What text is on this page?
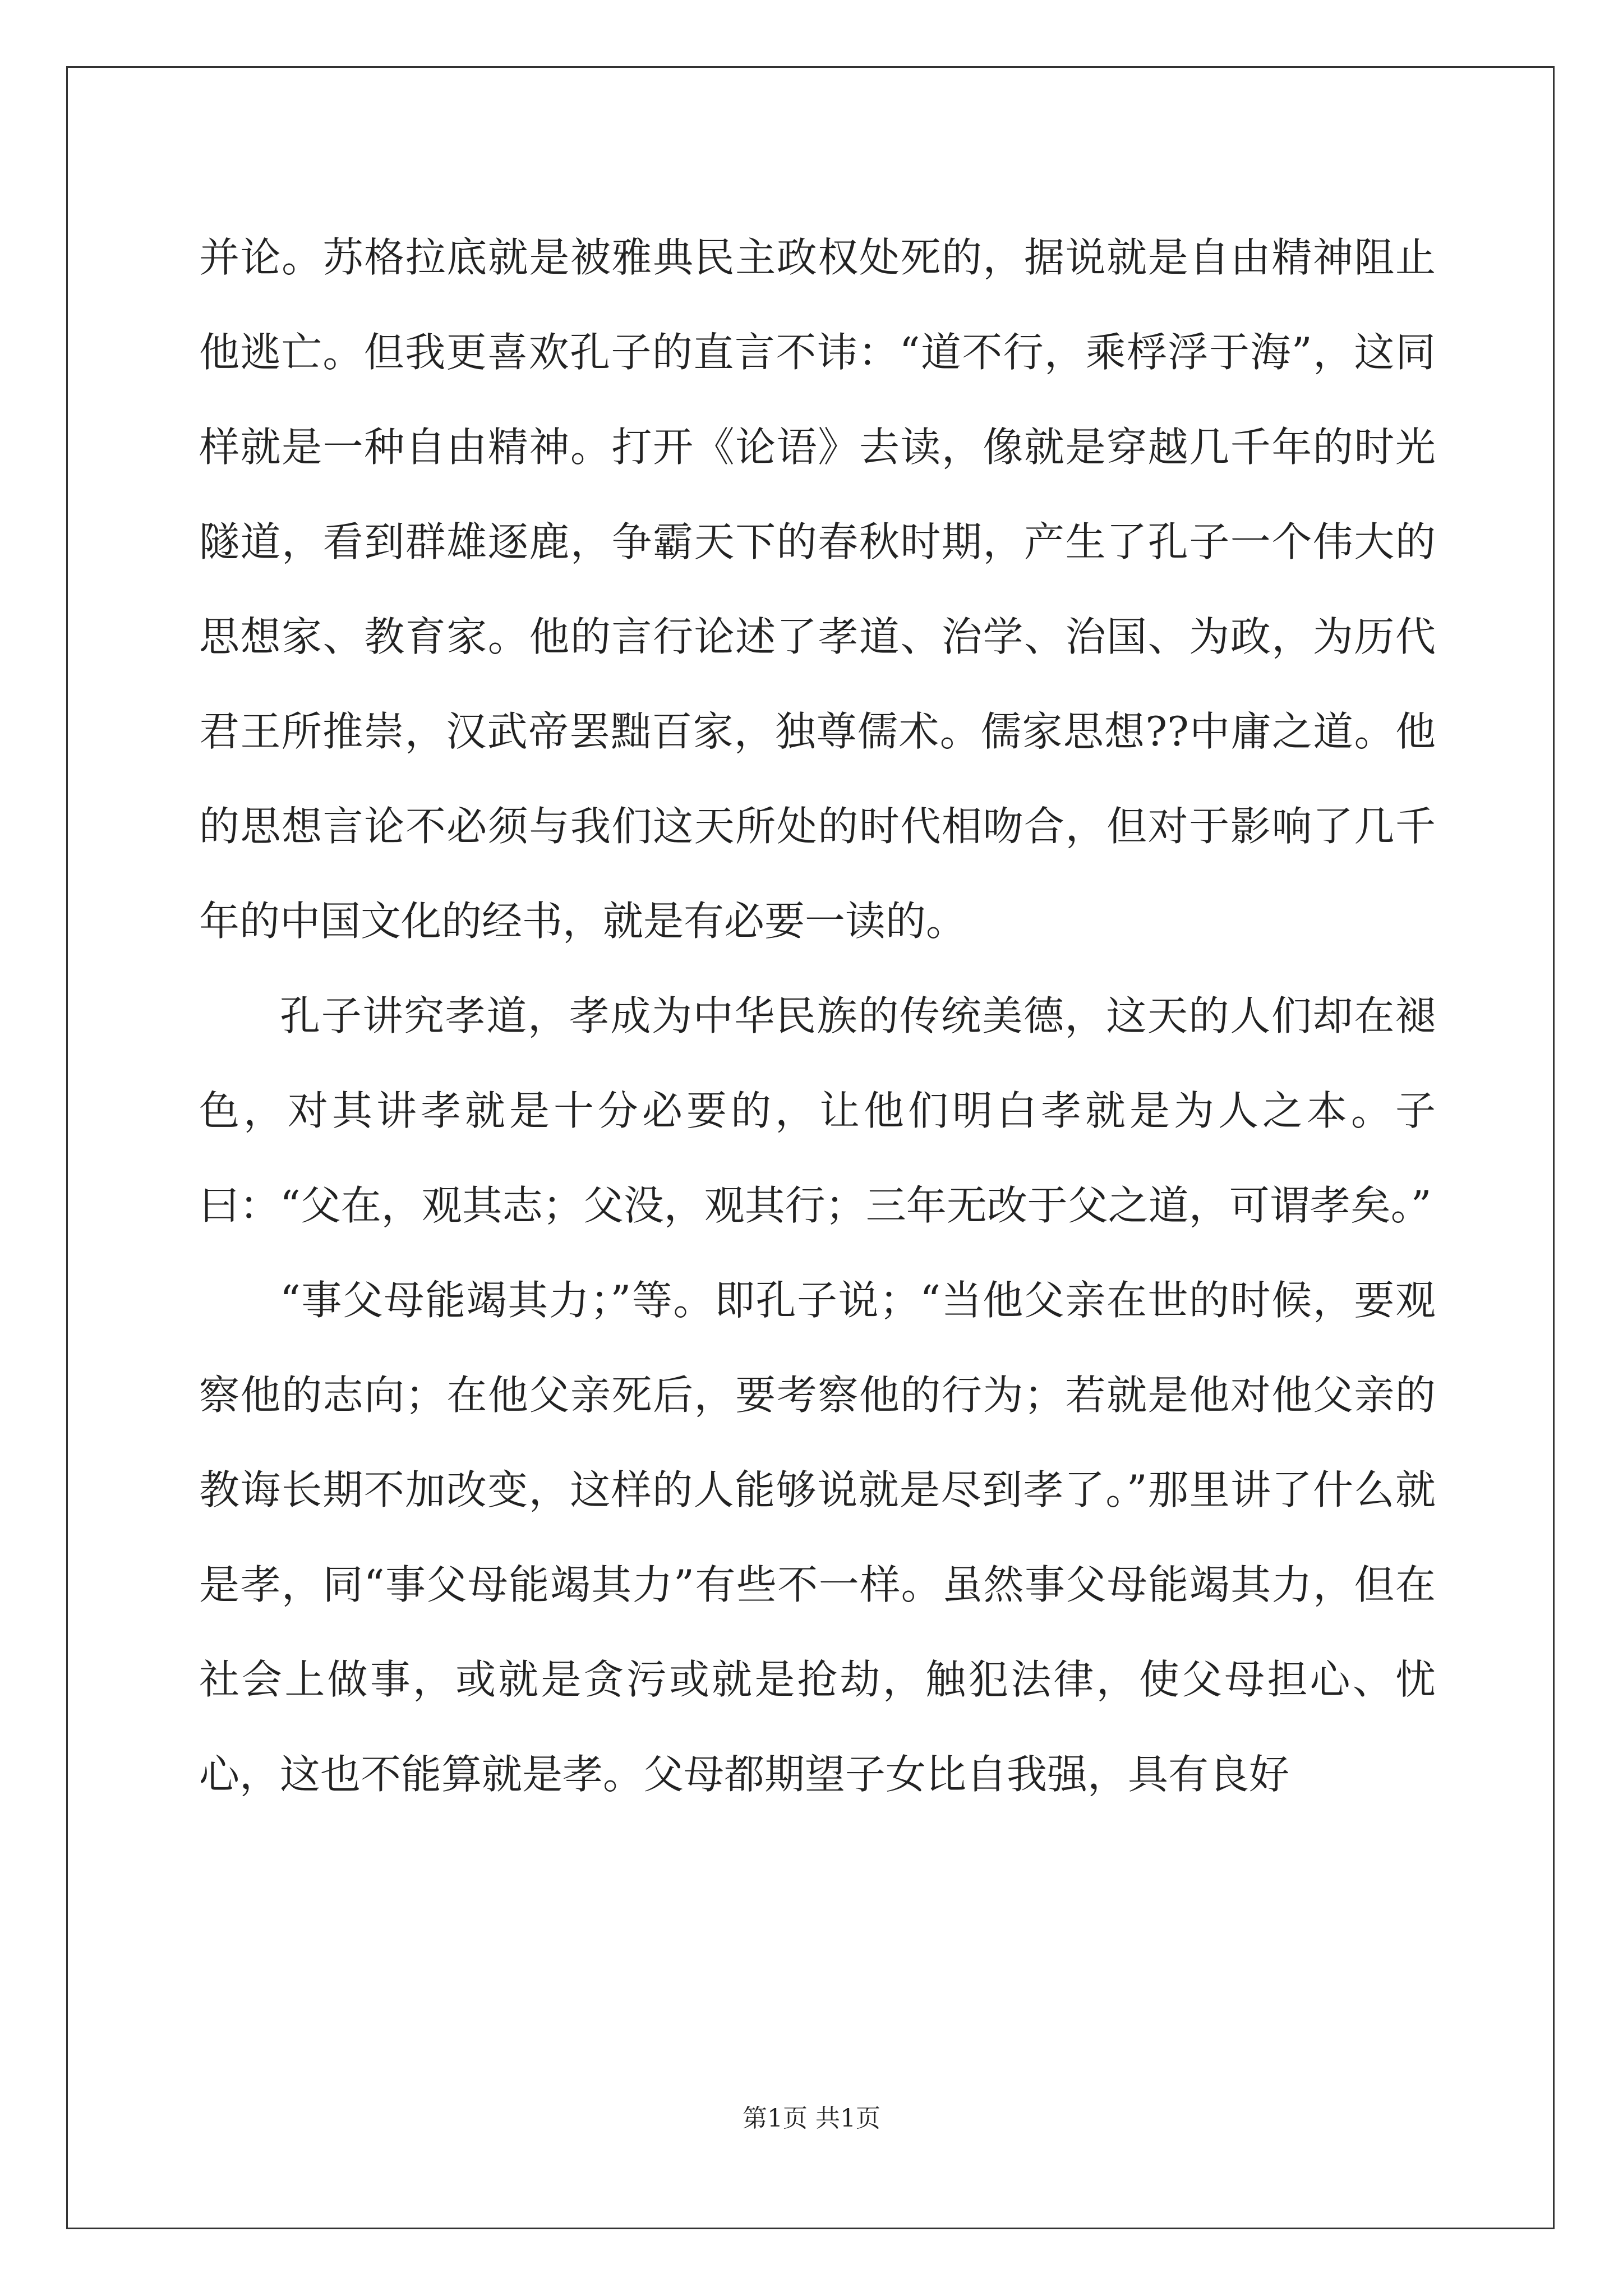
并论。苏格拉底就是被雅典民主政权处死的，据说就是自由精神阻止他逃亡。但我更喜欢孔子的直言不讳：“道不行，乘桴浮于海”，这同样就是一种自由精神。打开《论语》去读，像就是穿越几千年的时光隧道，看到群雄逐鹿，争霸天下的春秋时期，产生了孔子一个伟大的思想家、教育家。他的言行论述了孝道、治学、治国、为政，为历代君王所推崇，汉武帝罢黜百家，独尊儒术。儒家思想??中庸之道。他的思想言论不必须与我们这天所处的时代相吻合，但对于影响了几千年的中国文化的经书，就是有必要一读的。

孔子讲究孝道，孝成为中华民族的传统美德，这天的人们却在褪色，对其讲孝就是十分必要的，让他们明白孝就是为人之本。子曰：“父在，观其志；父没，观其行；三年无改于父之道，可谓孝矣。”

“事父母能竭其力；”等。即孔子说；“当他父亲在世的时候，要观察他的志向；在他父亲死后，要考察他的行为；若就是他对他父亲的教诲长期不加改变，这样的人能够说就是尽到孝了。”那里讲了什么就是孝，同“事父母能竭其力”有些不一样。虽然事父母能竭其力，但在社会上做事，或就是贪污或就是抢劫，触犯法律，使父母担心、忧心，这也不能算就是孝。父母都期望子女比自我强，具有良好

第1页 共1页
